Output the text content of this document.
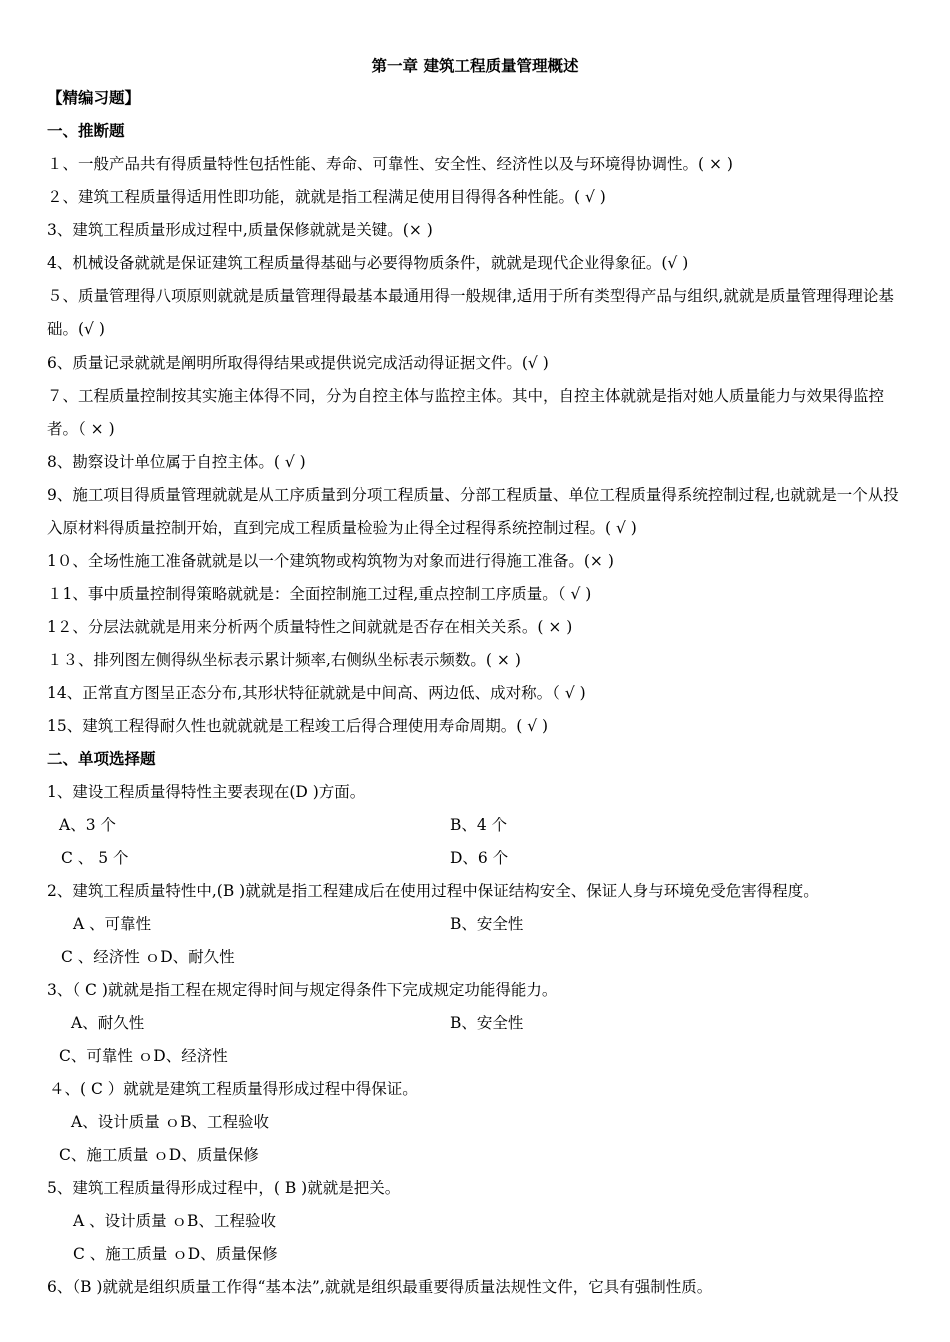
第一章 建筑工程质量管理概述
【精编习题】
一、推断题
１、一般产品共有得质量特性包括性能、寿命、可靠性、安全性、经济性以及与环境得协调性。( × )
２、建筑工程质量得适用性即功能，就就是指工程满足使用目得得各种性能。( √ )
3、建筑工程质量形成过程中,质量保修就就是关键。(× )
4、机械设备就就是保证建筑工程质量得基础与必要得物质条件，就就是现代企业得象征。(√ )
５、质量管理得八项原则就就是质量管理得最基本最通用得一般规律,适用于所有类型得产品与组织,就就是质量管理得理论基础。(√ )
6、质量记录就就是阐明所取得得结果或提供说完成活动得证据文件。(√ )
７、工程质量控制按其实施主体得不同，分为自控主体与监控主体。其中，自控主体就就是指对她人质量能力与效果得监控者。（ × )
8、勘察设计单位属于自控主体。( √ )
9、施工项目得质量管理就就是从工序质量到分项工程质量、分部工程质量、单位工程质量得系统控制过程,也就就是一个从投入原材料得质量控制开始，直到完成工程质量检验为止得全过程得系统控制过程。( √ )
1０、全场性施工准备就就是以一个建筑物或构筑物为对象而进行得施工准备。(× )
１1、事中质量控制得策略就就是：全面控制施工过程,重点控制工序质量。（ √ )
1２、分层法就就是用来分析两个质量特性之间就就是否存在相关关系。( × )
１３、排列图左侧得纵坐标表示累计频率,右侧纵坐标表示频数。( × )
14、正常直方图呈正态分布,其形状特征就就是中间高、两边低、成对称。（ √ )
15、建筑工程得耐久性也就就就是工程竣工后得合理使用寿命周期。( √ )
二、单项选择题
1、建设工程质量得特性主要表现在(D )方面。
A、3 个	B、4 个
C 、 5 个	D、6 个
2、建筑工程质量特性中,(B )就就是指工程建成后在使用过程中保证结构安全、保证人身与环境免受危害得程度。
A 、可靠性	B、安全性
C 、经济性 ｏD、耐久性
3、（ C )就就是指工程在规定得时间与规定得条件下完成规定功能得能力。
A、耐久性	B、安全性
C、可靠性 ｏD、经济性
４、( C ）就就是建筑工程质量得形成过程中得保证。
A、设计质量 ｏB、工程验收
C、施工质量 ｏD、质量保修
5、建筑工程质量得形成过程中，( B )就就是把关。
A 、设计质量 ｏB、工程验收
C 、施工质量 ｏD、质量保修
6、（B )就就是组织质量工作得“基本法”,就就是组织最重要得质量法规性文件，它具有强制性质。
